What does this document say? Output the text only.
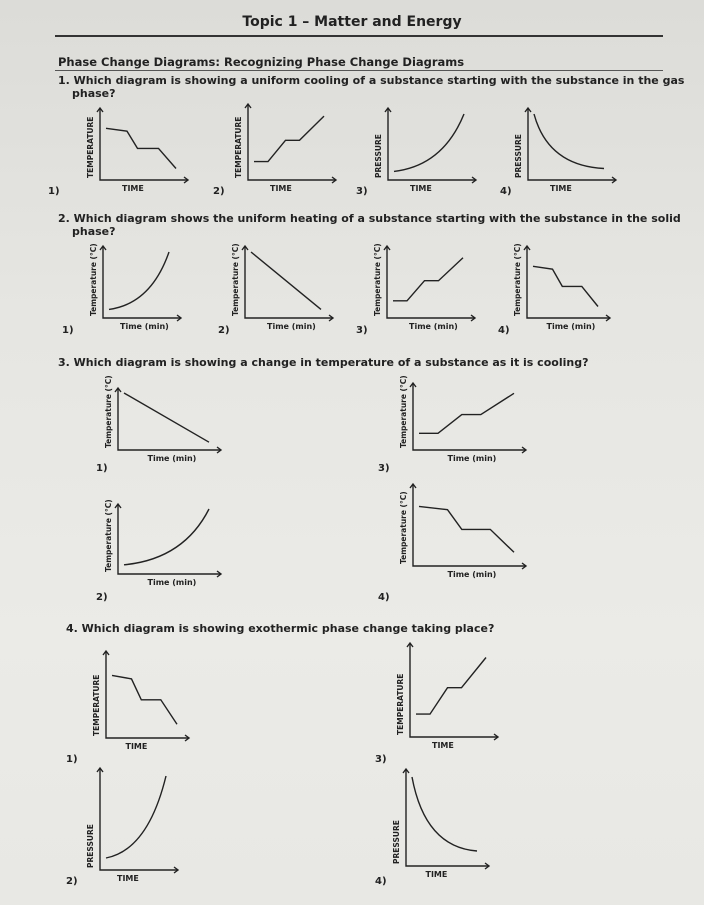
Topic 1 – Matter and Energy
Phase Change Diagrams: Recognizing Phase Change Diagrams
1. Which diagram is showing a uniform cooling of a substance starting with the substance in the gas
phase?
1)	TIME
TEMPERATURE
2)	TIME
TEMPERATURE
3)	TIME
PRESSURE
4)	TIME
PRESSURE
2. Which diagram shows the uniform heating of a substance starting with the substance in the solid
phase?
1)	Time (min)
Temperature (°C)
2)	Time (min)
Temperature (°C)
3)	Time (min)
Temperature (°C)
4)	Time (min)
Temperature (°C)
3. Which diagram is showing a change in temperature of a substance as it is cooling?
1)
Time (min)
Temperature (°C)
2)
Time (min)
Temperature (°C)
3)
Time (min)
Temperature (°C)
4)
Time (min)
Temperature (°C)
4. Which diagram is showing exothermic phase change taking place?
1)
TIME
TEMPERATURE
2)	TIME
PRESSURE
3)
TIME
TEMPERATURE
4)
TIME
PRESSURE
